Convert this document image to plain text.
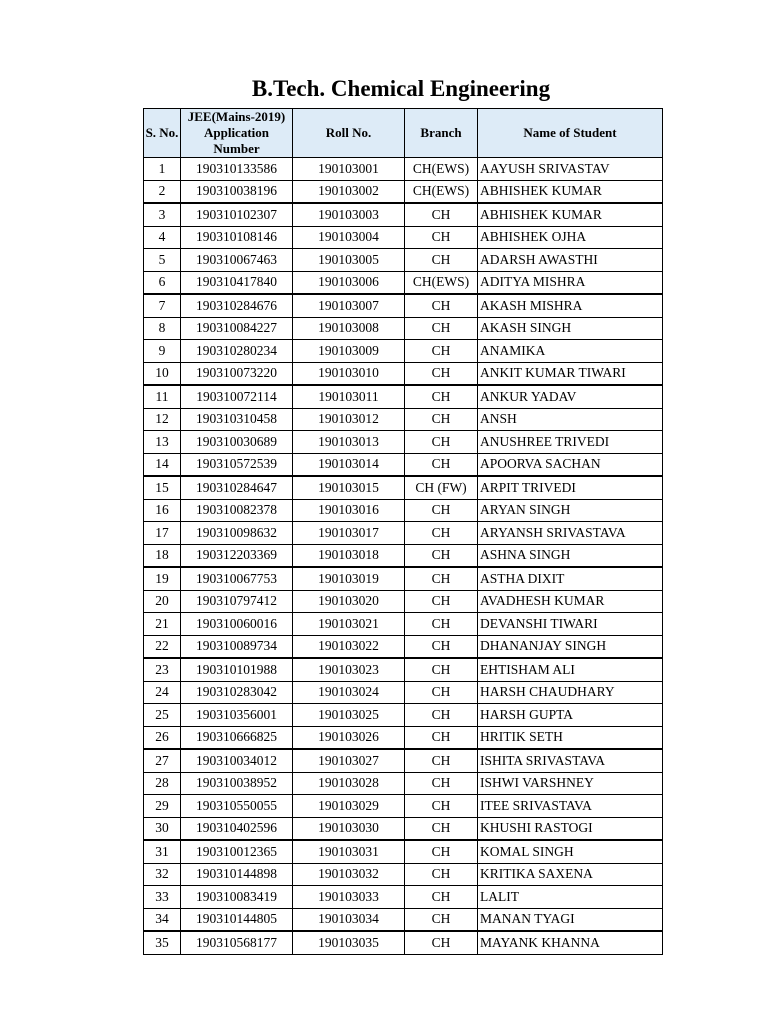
B.Tech. Chemical Engineering
S. No.	JEE(Mains-2019) Application Number	Roll No.	Branch	Name of Student
1	190310133586	190103001	CH(EWS)	AAYUSH SRIVASTAV
2	190310038196	190103002	CH(EWS)	ABHISHEK KUMAR
3	190310102307	190103003	CH	ABHISHEK KUMAR
4	190310108146	190103004	CH	ABHISHEK OJHA
5	190310067463	190103005	CH	ADARSH AWASTHI
6	190310417840	190103006	CH(EWS)	ADITYA MISHRA
7	190310284676	190103007	CH	AKASH MISHRA
8	190310084227	190103008	CH	AKASH SINGH
9	190310280234	190103009	CH	ANAMIKA
10	190310073220	190103010	CH	ANKIT KUMAR TIWARI
11	190310072114	190103011	CH	ANKUR YADAV
12	190310310458	190103012	CH	ANSH
13	190310030689	190103013	CH	ANUSHREE TRIVEDI
14	190310572539	190103014	CH	APOORVA SACHAN
15	190310284647	190103015	CH (FW)	ARPIT TRIVEDI
16	190310082378	190103016	CH	ARYAN SINGH
17	190310098632	190103017	CH	ARYANSH SRIVASTAVA
18	190312203369	190103018	CH	ASHNA SINGH
19	190310067753	190103019	CH	ASTHA DIXIT
20	190310797412	190103020	CH	AVADHESH KUMAR
21	190310060016	190103021	CH	DEVANSHI TIWARI
22	190310089734	190103022	CH	DHANANJAY SINGH
23	190310101988	190103023	CH	EHTISHAM ALI
24	190310283042	190103024	CH	HARSH CHAUDHARY
25	190310356001	190103025	CH	HARSH GUPTA
26	190310666825	190103026	CH	HRITIK SETH
27	190310034012	190103027	CH	ISHITA SRIVASTAVA
28	190310038952	190103028	CH	ISHWI VARSHNEY
29	190310550055	190103029	CH	ITEE SRIVASTAVA
30	190310402596	190103030	CH	KHUSHI RASTOGI
31	190310012365	190103031	CH	KOMAL SINGH
32	190310144898	190103032	CH	KRITIKA SAXENA
33	190310083419	190103033	CH	LALIT
34	190310144805	190103034	CH	MANAN TYAGI
35	190310568177	190103035	CH	MAYANK KHANNA
